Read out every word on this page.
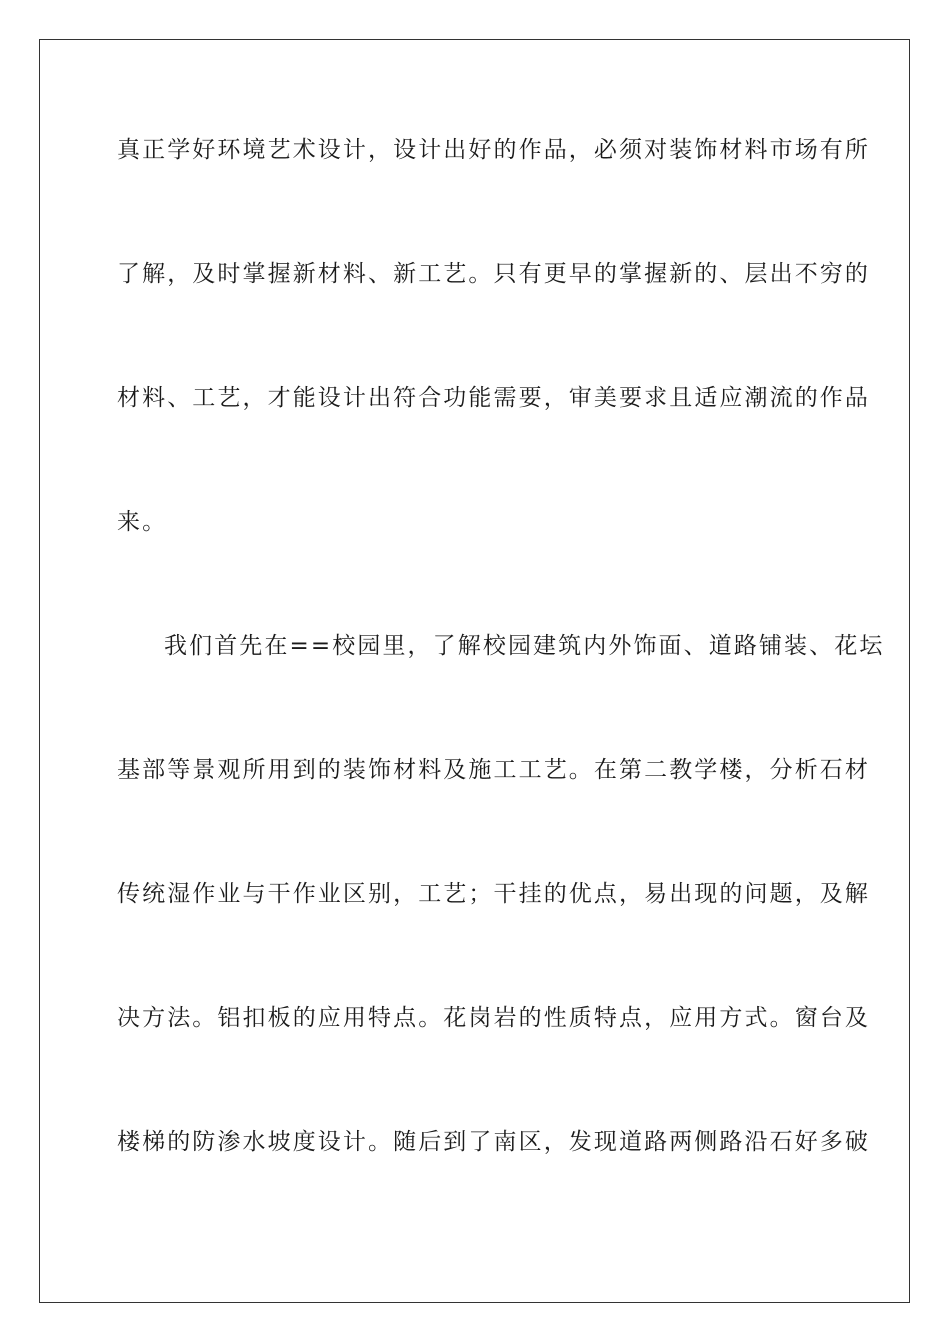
真正学好环境艺术设计，设计出好的作品，必须对装饰材料市场有所
了解，及时掌握新材料、新工艺。只有更早的掌握新的、层出不穷的
材料、工艺，才能设计出符合功能需要，审美要求且适应潮流的作品
来。
我们首先在==校园里，了解校园建筑内外饰面、道路铺装、花坛
基部等景观所用到的装饰材料及施工工艺。在第二教学楼，分析石材
传统湿作业与干作业区别，工艺；干挂的优点，易出现的问题，及解
决方法。铝扣板的应用特点。花岗岩的性质特点，应用方式。窗台及
楼梯的防渗水坡度设计。随后到了南区，发现道路两侧路沿石好多破
